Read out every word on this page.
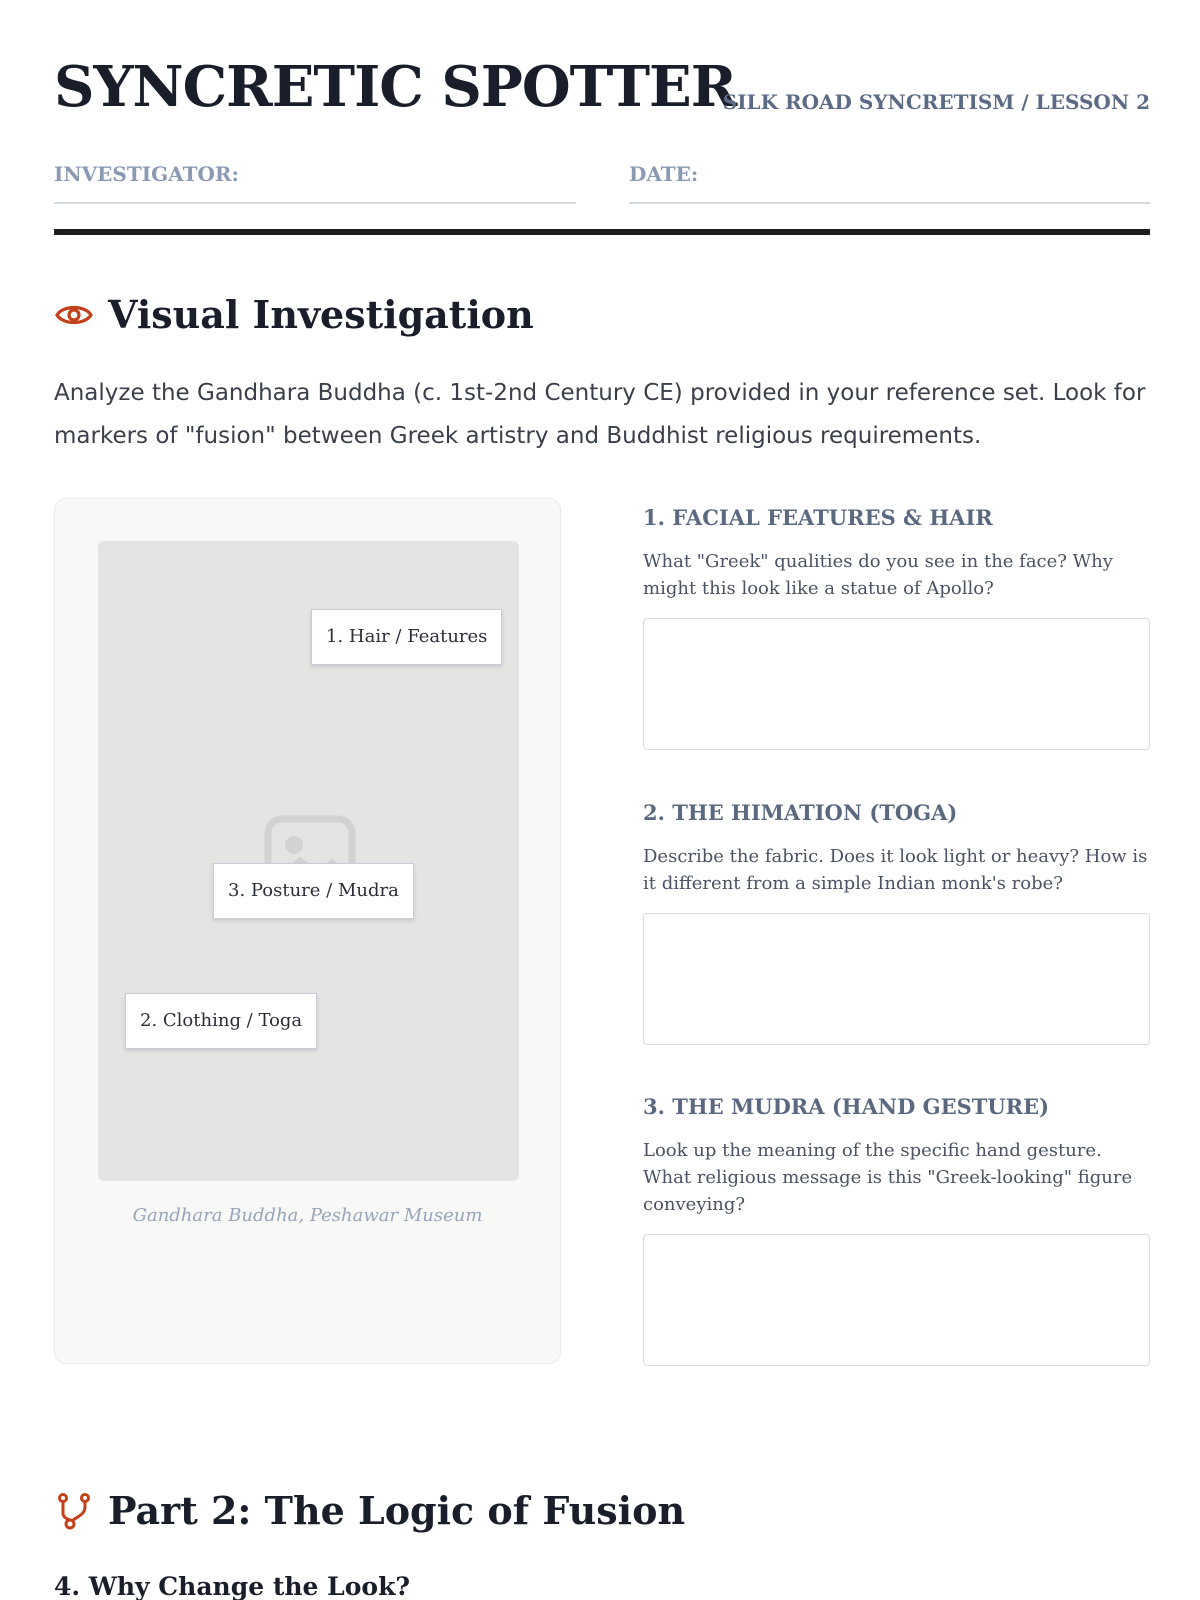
SYNCRETIC SPOTTER
SILK ROAD SYNCRETISM / LESSON 2
INVESTIGATOR:	DATE:
Visual Investigation

Analyze the Gandhara Buddha (c. 1st-2nd Century CE) provided in your reference set. Look for markers of "fusion" between Greek artistry and Buddhist religious requirements.

1. Hair / Features
3. Posture / Mudra
2. Clothing / Toga
Gandhara Buddha, Peshawar Museum
1. FACIAL FEATURES & HAIR
What "Greek" qualities do you see in the face? Why might this look like a statue of Apollo?
2. THE HIMATION (TOGA)
Describe the fabric. Does it look light or heavy? How is it different from a simple Indian monk's robe?
3. THE MUDRA (HAND GESTURE)
Look up the meaning of the specific hand gesture. What religious message is this "Greek-looking" figure conveying?
Part 2: The Logic of Fusion
4. Why Change the Look?
